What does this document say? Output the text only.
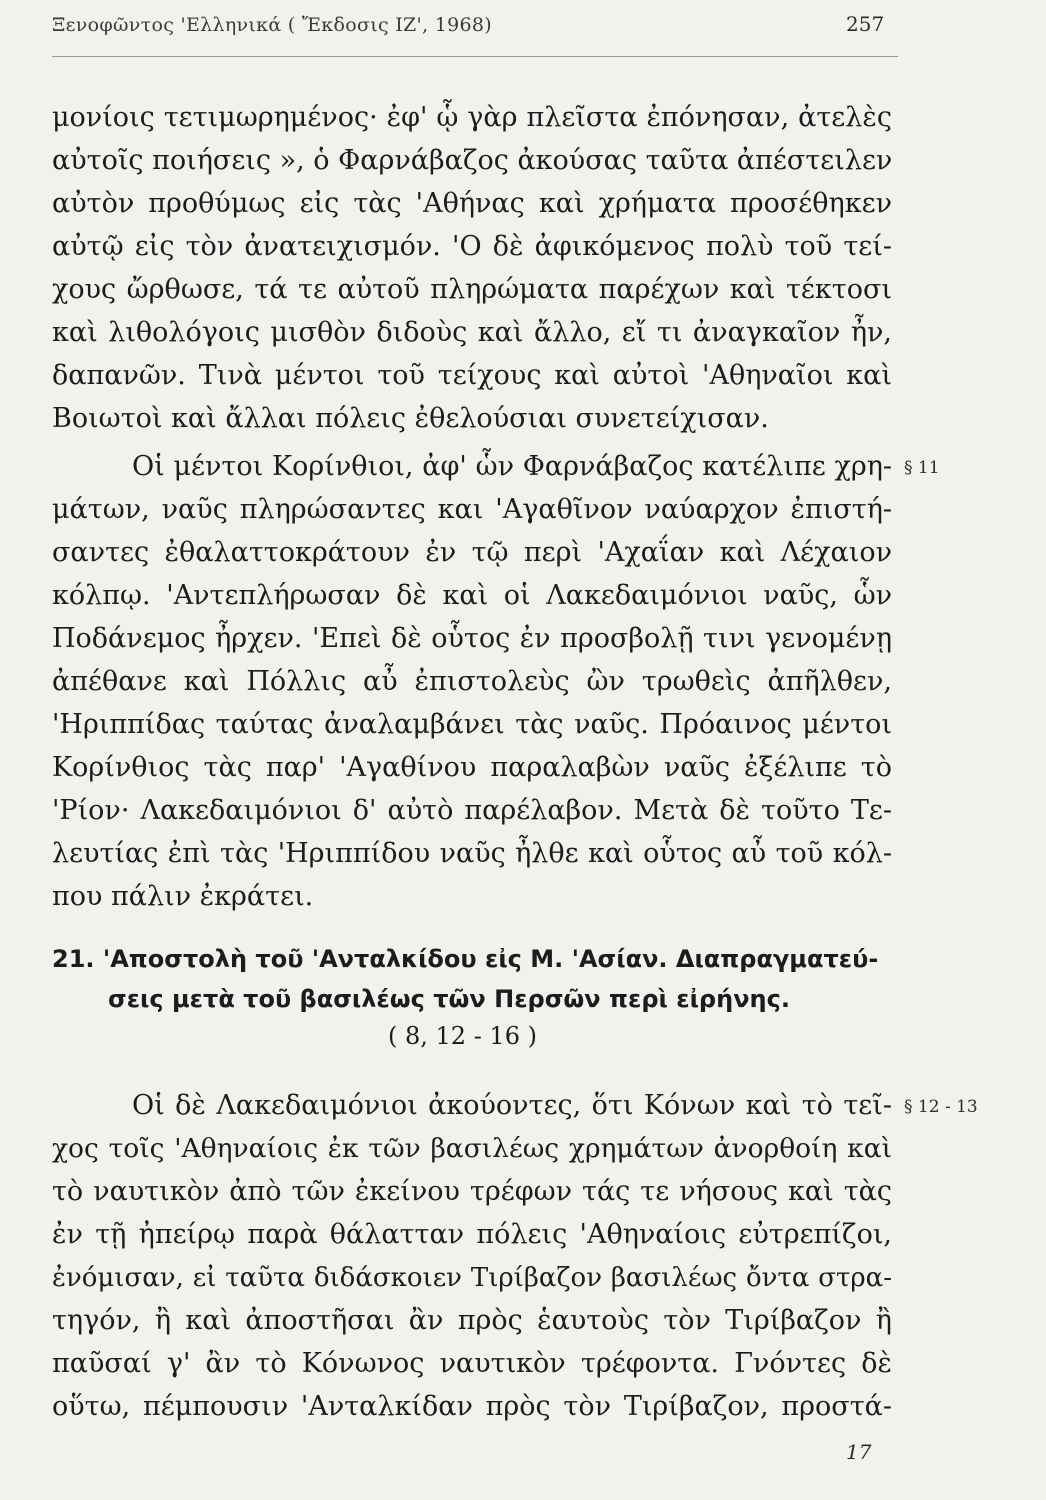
Ξενοφῶντος 'Ελληνικά ( Ἔκδοσις ΙΖ', 1968)	257
μονίοις τετιμωρημένος· ἐφ' ᾧ γὰρ πλεῖστα ἐπόνησαν, ἀτελὲς
αὐτοῖς ποιήσεις », ὁ Φαρνάβαζος ἀκούσας ταῦτα ἀπέστειλεν
αὐτὸν προθύμως εἰς τὰς 'Αθήνας καὶ χρήματα προσέθηκεν
αὐτῷ εἰς τὸν ἀνατειχισμόν. 'Ο δὲ ἀφικόμενος πολὺ τοῦ τεί-
χους ὤρθωσε, τά τε αὐτοῦ πληρώματα παρέχων καὶ τέκτοσι
καὶ λιθολόγοις μισθὸν διδοὺς καὶ ἄλλο, εἴ τι ἀναγκαῖον ἦν,
δαπανῶν. Τινὰ μέντοι τοῦ τείχους καὶ αὐτοὶ 'Αθηναῖοι καὶ
Βοιωτοὶ καὶ ἄλλαι πόλεις ἐθελούσιαι συνετείχισαν.
Οἱ μέντοι Κορίνθιοι, ἀφ' ὧν Φαρνάβαζος κατέλιπε χρη- § 11
μάτων, ναῦς πληρώσαντες και 'Αγαθῖνον ναύαρχον ἐπιστή-
σαντες ἐθαλαττοκράτουν ἐν τῷ περὶ 'Αχαΐαν καὶ Λέχαιον
κόλπῳ. 'Αντεπλήρωσαν δὲ καὶ οἱ Λακεδαιμόνιοι ναῦς, ὧν
Ποδάνεμος ἦρχεν. 'Επεὶ δὲ οὗτος ἐν προσβολῇ τινι γενομένῃ
ἀπέθανε καὶ Πόλλις αὖ ἐπιστολεὺς ὢν τρωθεὶς ἀπῆλθεν,
'Ηριππίδας ταύτας ἀναλαμβάνει τὰς ναῦς. Πρόαινος μέντοι
Κορίνθιος τὰς παρ' 'Αγαθίνου παραλαβὼν ναῦς ἐξέλιπε τὸ
'Ρίον· Λακεδαιμόνιοι δ' αὐτὸ παρέλαβον. Μετὰ δὲ τοῦτο Τε-
λευτίας ἐπὶ τὰς 'Ηριππίδου ναῦς ἦλθε καὶ οὗτος αὖ τοῦ κόλ-
που πάλιν ἐκράτει.
21. 'Αποστολὴ τοῦ 'Ανταλκίδου εἰς Μ. 'Ασίαν. Διαπραγματεύ-
σεις μετὰ τοῦ βασιλέως τῶν Περσῶν περὶ εἰρήνης.
( 8, 12 - 16 )
Οἱ δὲ Λακεδαιμόνιοι ἀκούοντες, ὅτι Κόνων καὶ τὸ τεῖ- § 12 - 13
χος τοῖς 'Αθηναίοις ἐκ τῶν βασιλέως χρημάτων ἀνορθοίη καὶ
τὸ ναυτικὸν ἀπὸ τῶν ἐκείνου τρέφων τάς τε νήσους καὶ τὰς
ἐν τῇ ἠπείρῳ παρὰ θάλατταν πόλεις 'Αθηναίοις εὐτρεπίζοι,
ἐνόμισαν, εἰ ταῦτα διδάσκοιεν Τιρίβαζον βασιλέως ὄντα στρα-
τηγόν, ἢ καὶ ἀποστῆσαι ἂν πρὸς ἑαυτοὺς τὸν Τιρίβαζον ἢ
παῦσαί γ' ἂν τὸ Κόνωνος ναυτικὸν τρέφοντα. Γνόντες δὲ
οὕτω, πέμπουσιν 'Ανταλκίδαν πρὸς τὸν Τιρίβαζον, προστά-
17
